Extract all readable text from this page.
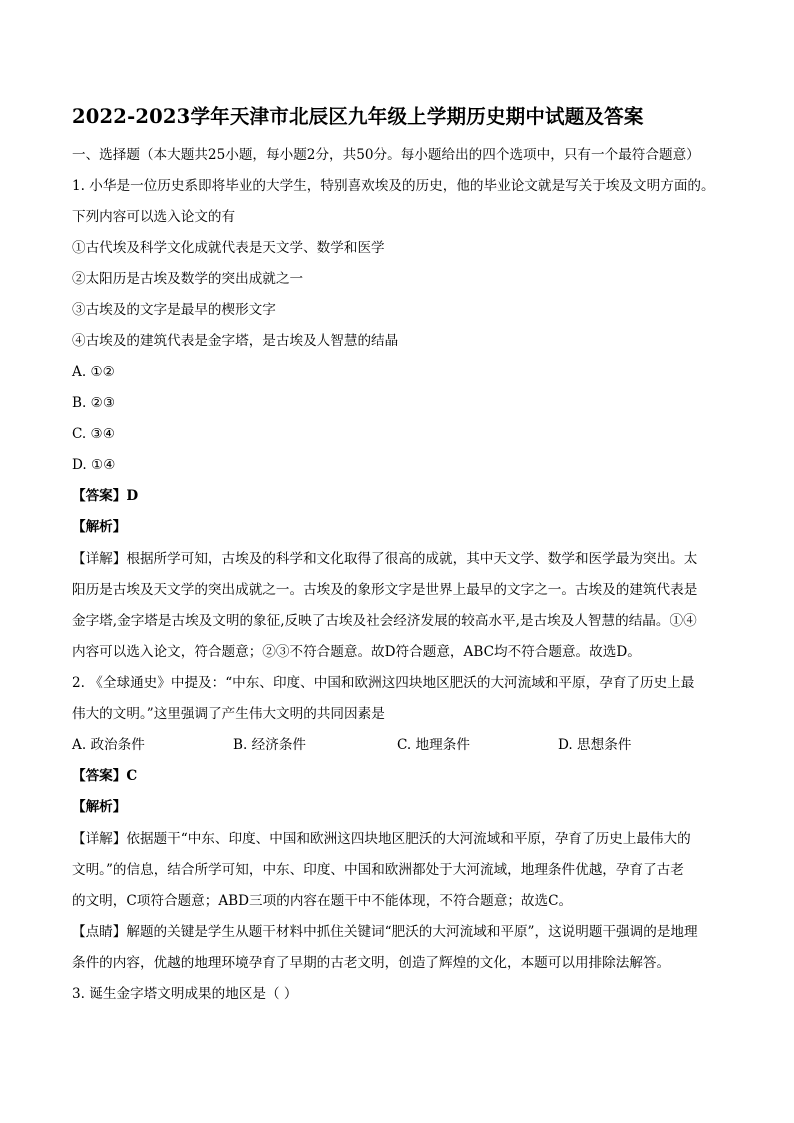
2022-2023学年天津市北辰区九年级上学期历史期中试题及答案
一、选择题（本大题共25小题，每小题2分，共50分。每小题给出的四个选项中，只有一个最符合题意）
1. 小华是一位历史系即将毕业的大学生，特别喜欢埃及的历史，他的毕业论文就是写关于埃及文明方面的。
下列内容可以选入论文的有
①古代埃及科学文化成就代表是天文学、数学和医学
②太阳历是古埃及数学的突出成就之一
③古埃及的文字是最早的楔形文字
④古埃及的建筑代表是金字塔，是古埃及人智慧的结晶
A. ①②
B. ②③
C. ③④
D. ①④
【答案】D
【解析】
【详解】根据所学可知，古埃及的科学和文化取得了很高的成就，其中天文学、数学和医学最为突出。太
阳历是古埃及天文学的突出成就之一。古埃及的象形文字是世界上最早的文字之一。古埃及的建筑代表是
金字塔,金字塔是古埃及文明的象征,反映了古埃及社会经济发展的较高水平,是古埃及人智慧的结晶。①④
内容可以选入论文，符合题意；②③不符合题意。故D符合题意，ABC均不符合题意。故选D。
2. 《全球通史》中提及：“中东、印度、中国和欧洲这四块地区肥沃的大河流域和平原，孕育了历史上最
伟大的文明。”这里强调了产生伟大文明的共同因素是
A. 政治条件	B. 经济条件	C. 地理条件	D. 思想条件
【答案】C
【解析】
【详解】依据题干“中东、印度、中国和欧洲这四块地区肥沃的大河流域和平原，孕育了历史上最伟大的
文明。”的信息，结合所学可知，中东、印度、中国和欧洲都处于大河流域，地理条件优越，孕育了古老
的文明，C项符合题意；ABD三项的内容在题干中不能体现，不符合题意；故选C。
【点睛】解题的关键是学生从题干材料中抓住关键词“肥沃的大河流域和平原”，这说明题干强调的是地理
条件的内容，优越的地理环境孕育了早期的古老文明，创造了辉煌的文化，本题可以用排除法解答。
3. 诞生金字塔文明成果的地区是（ ）
